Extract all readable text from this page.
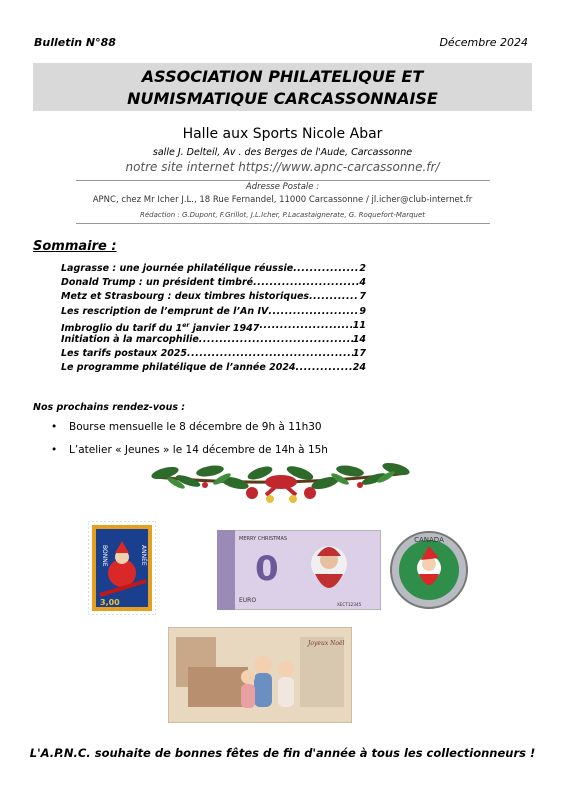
Bulletin N°88	Décembre 2024
ASSOCIATION PHILATELIQUE ET
NUMISMATIQUE CARCASSONNAISE
Halle aux Sports Nicole Abar
salle J. Delteil, Av . des Berges de l'Aude, Carcassonne
notre site internet https://www.apnc-carcassonne.fr/
Adresse Postale :
APNC, chez Mr Icher J.L., 18 Rue Fernandel, 11000 Carcassonne / jl.icher@club-internet.fr
Rédaction : G.Dupont, F.Grillot, J.L.Icher, P.Lacastaignerate, G. Roquefort-Marquet
Sommaire :
Lagrasse : une journée philatélique réussie .....	2
Donald Trump : un président timbré .....	4
Metz et Strasbourg : deux timbres historiques .....	7
Les rescription de l’emprunt de l’An IV .....	9
Imbroglio du tarif du 1er janvier 1947 .....	11
Initiation à la marcophilie .....	14
Les tarifs postaux 2025 .....	17
Le programme philatélique de l’année 2024 .....	24
Nos prochains rendez-vous :
• Bourse mensuelle le 8 décembre de 9h à 11h30
• L’atelier « Jeunes » le 14 décembre de 14h à 15h
BONNE	ANNÉE
3,00
MERRY CHRISTMAS
0
EURO
XECT12345
CANADA
Joyeux Noël
L'A.P.N.C. souhaite de bonnes fêtes de fin d'année à tous les collectionneurs !
